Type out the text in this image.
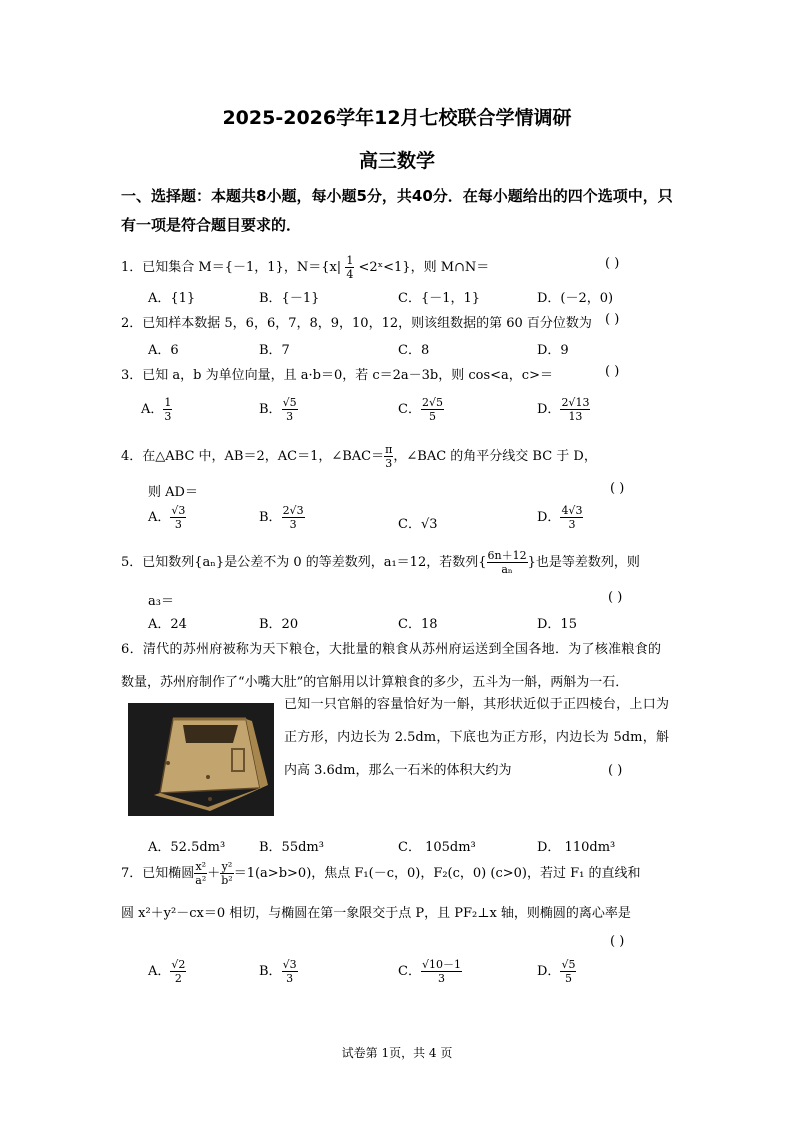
2025-2026学年12月七校联合学情调研
高三数学
一、选择题：本题共8小题，每小题5分，共40分．在每小题给出的四个选项中，只有一项是符合题目要求的．
1．已知集合 M＝{－1，1}，$N=\{x| \frac{1}{4}$ <2ˣ<1}，则 M∩N＝	( )
A．{1}	B．{－1}	C．{－1，1}	D．(－2，0)
2．已知样本数据 5，6，6，7，8，9，10，12，则该组数据的第 60 百分位数为 ( )
A．6	B．7	C．8	D．9
3．已知 a，b 为单位向量，且 a·b＝0，若 c＝2a－3b，则 cos<a，c>＝	( )
A． $\frac{1}{3}$	B． $\frac{√5}{3}$	C． $\frac{2√5}{5}$	D． $\frac{2√13}{13}$
4．在△ABC 中，AB＝2，AC＝1，∠BAC＝ $\frac{\pi}{3}$ ，∠BAC 的角平分线交 BC 于 D，
则 AD＝	( )
A． $\frac{√3}{3}$	B． $\frac{2√3}{3}$	C．√3	D． $\frac{4√3}{3}$
5．已知数列{aₙ}是公差不为 0 的等差数列，a₁＝12，若数列{ $\frac{6n+12}{\text{aₙ}}$ }也是等差数列，则
a₃＝	( )
A．24	B．20	C．18	D．15
6．清代的苏州府被称为天下粮仓，大批量的粮食从苏州府运送到全国各地．为了核准粮食的数量，苏州府制作了“小嘴大肚”的官斛用以计算粮食的多少，五斗为一斛，两斛为一石．
已知一只官斛的容量恰好为一斛，其形状近似于正四棱台，上口为正方形，内边长为 2.5dm，下底也为正方形，内边长为 5dm，斛内高 3.6dm，那么一石米的体积大约为	( )
A．52.5dm³	B．55dm³	C． 105dm³	D． 110dm³
7．已知椭圆 $\frac{\text{x²}}{\text{a²}} + \frac{\text{y²}}{\text{b²}} =1(a>b>0)$，焦点 F₁(－c，0)，F₂(c，0) (c>0)，若过 F₁ 的直线和
圆 x²＋y²－cx＝0 相切，与椭圆在第一象限交于点 P，且 PF₂⊥x 轴，则椭圆的离心率是
( )
A． $\frac{√2}{2}$	B． $\frac{√3}{3}$	C． $\frac{√10-1}{3}$	D． $\frac{√5}{5}$
试卷第 1页，共 4 页
